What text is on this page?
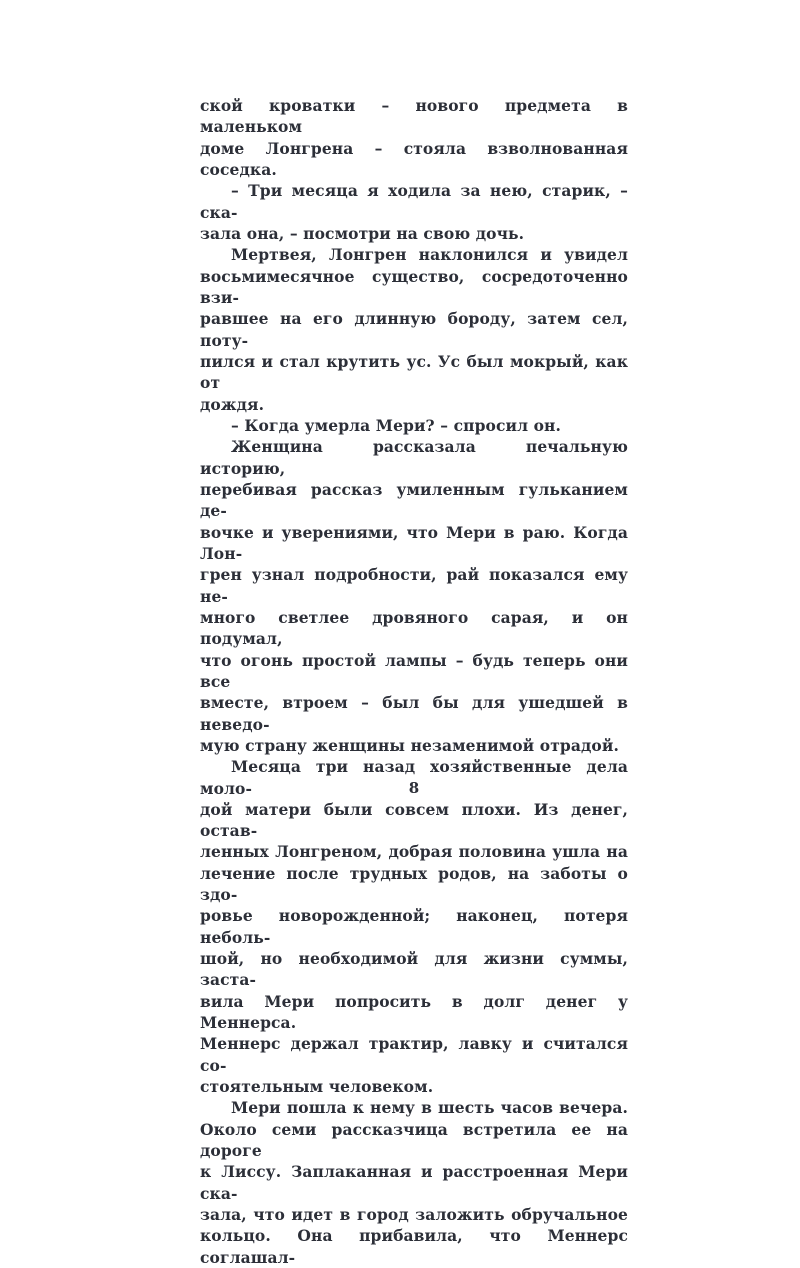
ской кроватки – нового предмета в маленьком
доме Лонгрена – стояла взволнованная соседка.
– Три месяца я ходила за нею, старик, – ска-
зала она, – посмотри на свою дочь.
Мертвея, Лонгрен наклонился и увидел
восьмимесячное существо, сосредоточенно взи-
равшее на его длинную бороду, затем сел, поту-
пился и стал крутить ус. Ус был мокрый, как от
дождя.
– Когда умерла Мери? – спросил он.
Женщина рассказала печальную историю,
перебивая рассказ умиленным гульканием де-
вочке и уверениями, что Мери в раю. Когда Лон-
грен узнал подробности, рай показался ему не-
много светлее дровяного сарая, и он подумал,
что огонь простой лампы – будь теперь они все
вместе, втроем – был бы для ушедшей в неведо-
мую страну женщины незаменимой отрадой.
Месяца три назад хозяйственные дела моло-
дой матери были совсем плохи. Из денег, остав-
ленных Лонгреном, добрая половина ушла на
лечение после трудных родов, на заботы о здо-
ровье новорожденной; наконец, потеря неболь-
шой, но необходимой для жизни суммы, заста-
вила Мери попросить в долг денег у Меннерса.
Меннерс держал трактир, лавку и считался со-
стоятельным человеком.
Мери пошла к нему в шесть часов вечера.
Около семи рассказчица встретила ее на дороге
к Лиссу. Заплаканная и расстроенная Мери ска-
зала, что идет в город заложить обручальное
кольцо. Она прибавила, что Меннерс соглашал-
8
